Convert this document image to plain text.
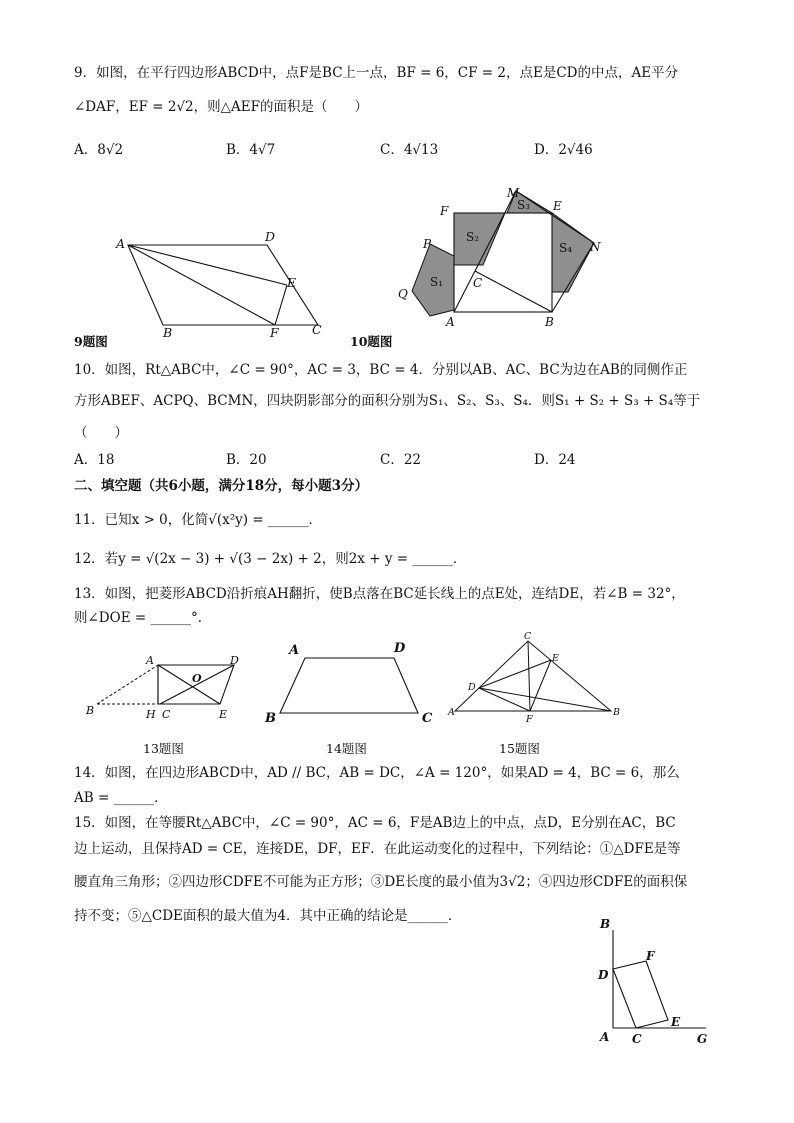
9．如图，在平行四边形ABCD中，点F是BC上一点，BF = 6，CF = 2，点E是CD的中点，AE平分
∠DAF，EF = 2√2，则△AEF的面积是（　　）
A．8√2	B．4√7	C．4√13	D．2√46
A	D
E
B	F	C
9题图
M
E
F
P	N
Q
C
A	B
S₁
S₂
S₃
S₄
10题图
10．如图，Rt△ABC中，∠C = 90°，AC = 3，BC = 4．分别以AB、AC、BC为边在AB的同侧作正
方形ABEF、ACPQ、BCMN，四块阴影部分的面积分别为S₁、S₂、S₃、S₄．则S₁ + S₂ + S₃ + S₄等于
（　　）
A．18	B．20	C．22	D．24
二、填空题（共6小题，满分18分，每小题3分）
11．已知x > 0，化简√(x²y) = ______．
12．若y = √(2x − 3) + √(3 − 2x) + 2，则2x + y = ______．
13．如图，把菱形ABCD沿折痕AH翻折，使B点落在BC延长线上的点E处，连结DE，若∠B = 32°，
则∠DOE = ______°．
A	D
O
B	H C	E
13题图
A	D
B	C
14题图
C
E
D
A
F
B
15题图
14．如图，在四边形ABCD中，AD // BC，AB = DC，∠A = 120°，如果AD = 4，BC = 6，那么
AB = ______．
15．如图，在等腰Rt△ABC中，∠C = 90°，AC = 6，F是AB边上的中点，点D，E分别在AC，BC
边上运动，且保持AD = CE，连接DE，DF，EF．在此运动变化的过程中，下列结论：①△DFE是等
腰直角三角形；②四边形CDFE不可能为正方形；③DE长度的最小值为3√2；④四边形CDFE的面积保
持不变；⑤△CDE面积的最大值为4．其中正确的结论是______．	B
F
D
E
A C	G
